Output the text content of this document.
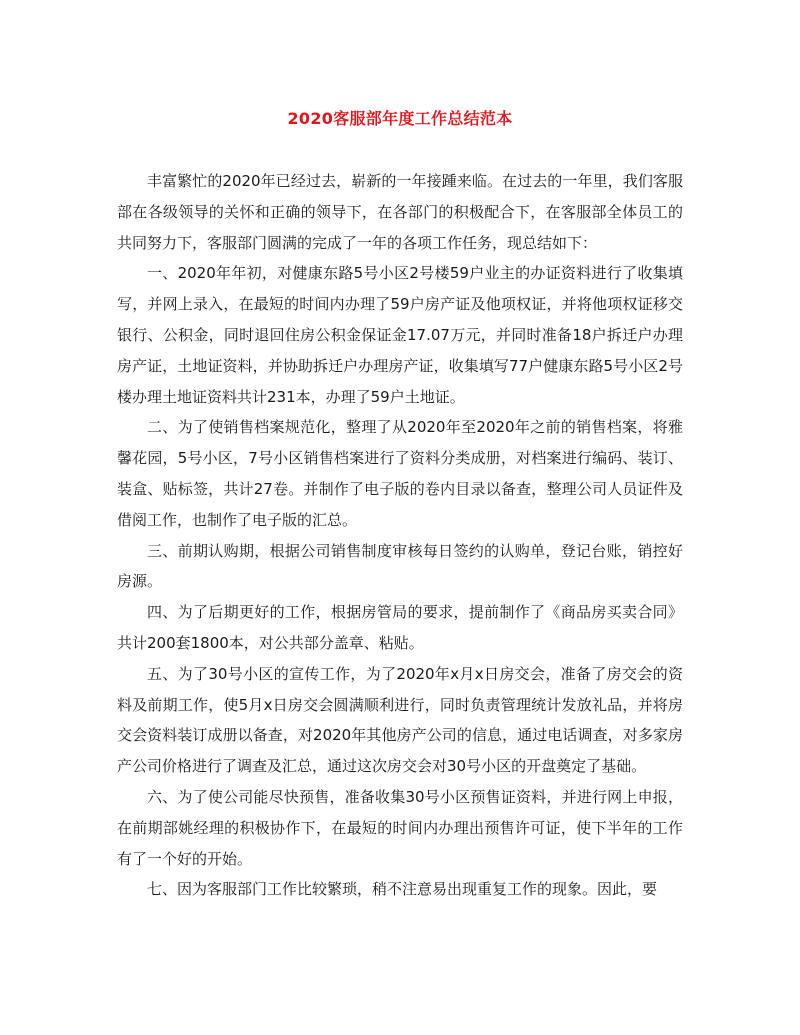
2020客服部年度工作总结范本

丰富繁忙的2020年已经过去，崭新的一年接踵来临。在过去的一年里，我们客服部在各级领导的关怀和正确的领导下，在各部门的积极配合下，在客服部全体员工的共同努力下，客服部门圆满的完成了一年的各项工作任务，现总结如下：

一、2020年年初，对健康东路5号小区2号楼59户业主的办证资料进行了收集填写，并网上录入，在最短的时间内办理了59户房产证及他项权证，并将他项权证移交银行、公积金，同时退回住房公积金保证金17.07万元，并同时准备18户拆迁户办理房产证，土地证资料，并协助拆迁户办理房产证，收集填写77户健康东路5号小区2号楼办理土地证资料共计231本，办理了59户土地证。

二、为了使销售档案规范化，整理了从2020年至2020年之前的销售档案，将雅馨花园，5号小区，7号小区销售档案进行了资料分类成册，对档案进行编码、装订、装盒、贴标签，共计27卷。并制作了电子版的卷内目录以备查，整理公司人员证件及借阅工作，也制作了电子版的汇总。

三、前期认购期，根据公司销售制度审核每日签约的认购单，登记台账，销控好房源。

四、为了后期更好的工作，根据房管局的要求，提前制作了《商品房买卖合同》共计200套1800本，对公共部分盖章、粘贴。

五、为了30号小区的宣传工作，为了2020年x月x日房交会，准备了房交会的资料及前期工作，使5月x日房交会圆满顺利进行，同时负责管理统计发放礼品，并将房交会资料装订成册以备查，对2020年其他房产公司的信息，通过电话调查，对多家房产公司价格进行了调查及汇总，通过这次房交会对30号小区的开盘奠定了基础。

六、为了使公司能尽快预售，准备收集30号小区预售证资料，并进行网上申报，在前期部姚经理的积极协作下，在最短的时间内办理出预售许可证，使下半年的工作有了一个好的开始。

七、因为客服部门工作比较繁琐，稍不注意易出现重复工作的现象。因此，要
